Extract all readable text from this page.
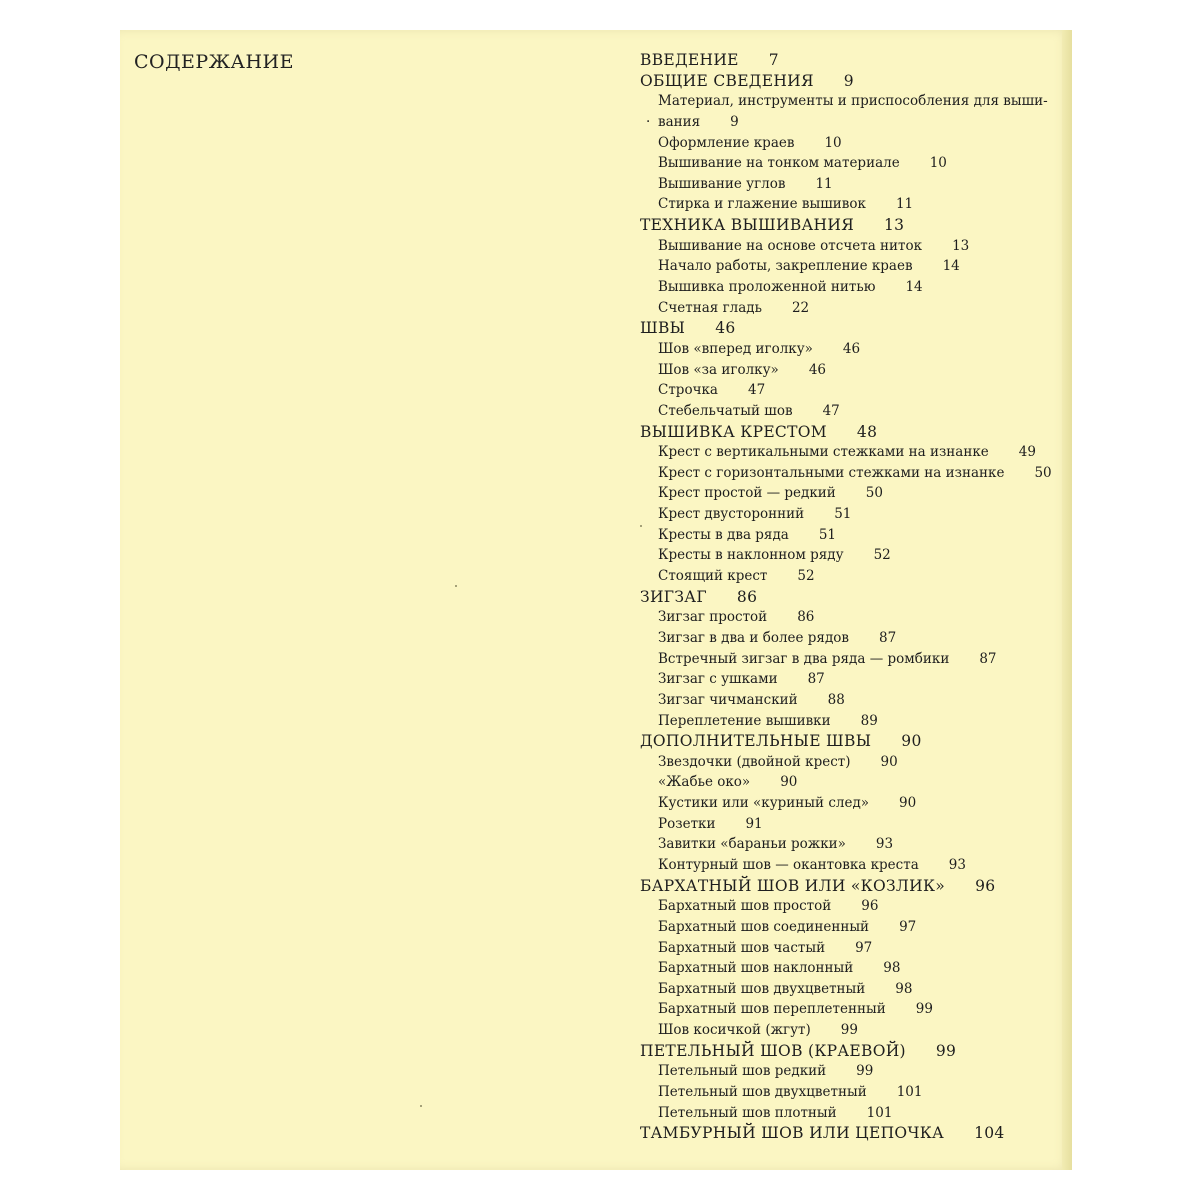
СОДЕРЖАНИЕ	ВВЕДЕНИЕ 7
ОБЩИЕ СВЕДЕНИЯ 9
Материал, инструменты и приспособления для выши-
· вания 9
Оформление краев 10
Вышивание на тонком материале 10
Вышивание углов 11
Стирка и глажение вышивок 11
ТЕХНИКА ВЫШИВАНИЯ 13
Вышивание на основе отсчета ниток 13
Начало работы, закрепление краев 14
Вышивка проложенной нитью 14
Счетная гладь 22
ШВЫ 46
Шов «вперед иголку» 46
Шов «за иголку» 46
Строчка 47
Стебельчатый шов 47
ВЫШИВКА КРЕСТОМ 48
Крест с вертикальными стежками на изнанке 49
Крест с горизонтальными стежками на изнанке 50
Крест простой — редкий 50
Крест двусторонний 51
Кресты в два ряда 51
Кресты в наклонном ряду 52
Стоящий крест 52
ЗИГЗАГ 86
Зигзаг простой 86
Зигзаг в два и более рядов 87
Встречный зигзаг в два ряда — ромбики 87
Зигзаг с ушками 87
Зигзаг чичманский 88
Переплетение вышивки 89
ДОПОЛНИТЕЛЬНЫЕ ШВЫ 90
Звездочки (двойной крест) 90
«Жабье око» 90
Кустики или «куриный след» 90
Розетки 91
Завитки «бараньи рожки» 93
Контурный шов — окантовка креста 93
БАРХАТНЫЙ ШОВ ИЛИ «КОЗЛИК» 96
Бархатный шов простой 96
Бархатный шов соединенный 97
Бархатный шов частый 97
Бархатный шов наклонный 98
Бархатный шов двухцветный 98
Бархатный шов переплетенный 99
Шов косичкой (жгут) 99
ПЕТЕЛЬНЫЙ ШОВ (КРАЕВОЙ) 99
Петельный шов редкий 99
Петельный шов двухцветный 101
Петельный шов плотный 101
ТАМБУРНЫЙ ШОВ ИЛИ ЦЕПОЧКА 104
